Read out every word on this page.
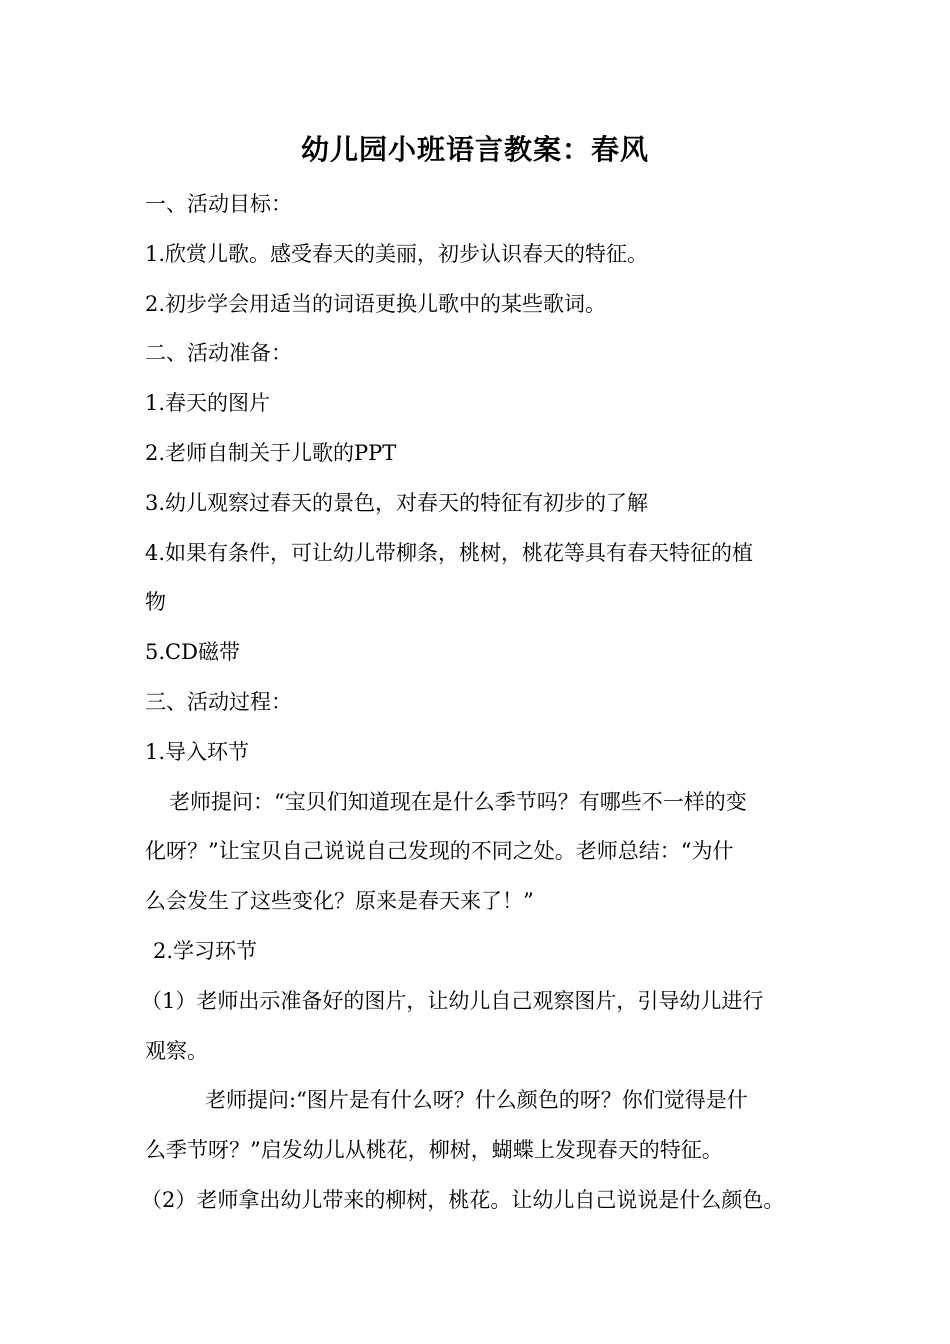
幼儿园小班语言教案：春风
一、活动目标：
1.欣赏儿歌。感受春天的美丽，初步认识春天的特征。
2.初步学会用适当的词语更换儿歌中的某些歌词。
二、活动准备：
1.春天的图片
2.老师自制关于儿歌的PPT
3.幼儿观察过春天的景色，对春天的特征有初步的了解
4.如果有条件，可让幼儿带柳条，桃树，桃花等具有春天特征的植
物
5.CD磁带
三、活动过程：
1.导入环节
老师提问：“宝贝们知道现在是什么季节吗？有哪些不一样的变
化呀？”让宝贝自己说说自己发现的不同之处。老师总结：“为什
么会发生了这些变化？原来是春天来了！”
2.学习环节
（1）老师出示准备好的图片，让幼儿自己观察图片，引导幼儿进行
观察。
老师提问:“图片是有什么呀？什么颜色的呀？你们觉得是什
么季节呀？”启发幼儿从桃花，柳树，蝴蝶上发现春天的特征。
（2）老师拿出幼儿带来的柳树，桃花。让幼儿自己说说是什么颜色。
